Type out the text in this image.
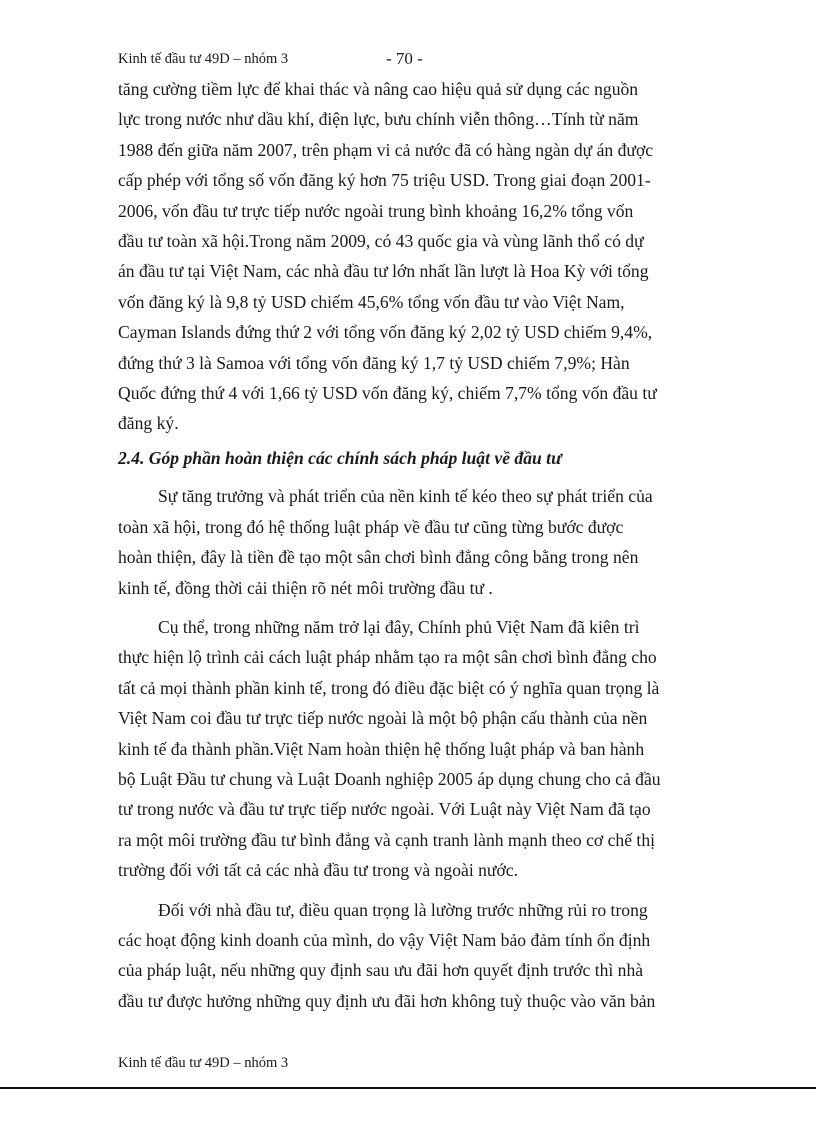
Kinh tế đầu tư 49D – nhóm 3	- 70 -

tăng cường tiềm lực để khai thác và nâng cao hiệu quả sử dụng các nguồn
lực trong nước như dầu khí, điện lực, bưu chính viễn thông…Tính từ năm
1988 đến giữa năm 2007, trên phạm vi cả nước đã có hàng ngàn dự án được
cấp phép với tổng số vốn đăng ký hơn 75 triệu USD. Trong giai đoạn 2001-
2006, vốn đầu tư trực tiếp nước ngoài trung bình khoảng 16,2% tổng vốn
đầu tư toàn xã hội.Trong năm 2009, có 43 quốc gia và vùng lãnh thổ có dự
án đầu tư tại Việt Nam, các nhà đầu tư lớn nhất lần lượt là Hoa Kỳ với tổng
vốn đăng ký là 9,8 tỷ USD chiếm 45,6% tổng vốn đầu tư vào Việt Nam,
Cayman Islands đứng thứ 2 với tổng vốn đăng ký 2,02 tỷ USD chiếm 9,4%,
đứng thứ 3 là Samoa với tổng vốn đăng ký 1,7 tỷ USD chiếm 7,9%; Hàn
Quốc đứng thứ 4 với 1,66 tỷ USD vốn đăng ký, chiếm 7,7% tổng vốn đầu tư
đăng ký.

2.4. Góp phần hoàn thiện các chính sách pháp luật về đầu tư

Sự tăng trưởng và phát triển của nền kinh tế kéo theo sự phát triển của
toàn xã hội, trong đó hệ thống luật pháp về đầu tư cũng từng bước được
hoàn thiện, đây là tiền đề tạo một sân chơi bình đẳng công bằng trong nên
kinh tế, đồng thời cải thiện rõ nét môi trường đầu tư .

Cụ thể, trong những năm trở lại đây, Chính phủ Việt Nam đã kiên trì
thực hiện lộ trình cải cách luật pháp nhằm tạo ra một sân chơi bình đẳng cho
tất cả mọi thành phần kinh tế, trong đó điều đặc biệt có ý nghĩa quan trọng là
Việt Nam coi đầu tư trực tiếp nước ngoài là một bộ phận cấu thành của nền
kinh tế đa thành phần.Việt Nam hoàn thiện hệ thống luật pháp và ban hành
bộ Luật Đầu tư chung và Luật Doanh nghiệp 2005 áp dụng chung cho cả đầu
tư trong nước và đầu tư trực tiếp nước ngoài. Với Luật này Việt Nam đã tạo
ra một môi trường đầu tư bình đẳng và cạnh tranh lành mạnh theo cơ chế thị
trường đối với tất cả các nhà đầu tư trong và ngoài nước.

Đối với nhà đầu tư, điều quan trọng là lường trước những rủi ro trong
các hoạt động kinh doanh của mình, do vậy Việt Nam bảo đảm tính ổn định
của pháp luật, nếu những quy định sau ưu đãi hơn quyết định trước thì nhà
đầu tư được hưởng những quy định ưu đãi hơn không tuỳ thuộc vào văn bản

Kinh tế đầu tư 49D – nhóm 3
